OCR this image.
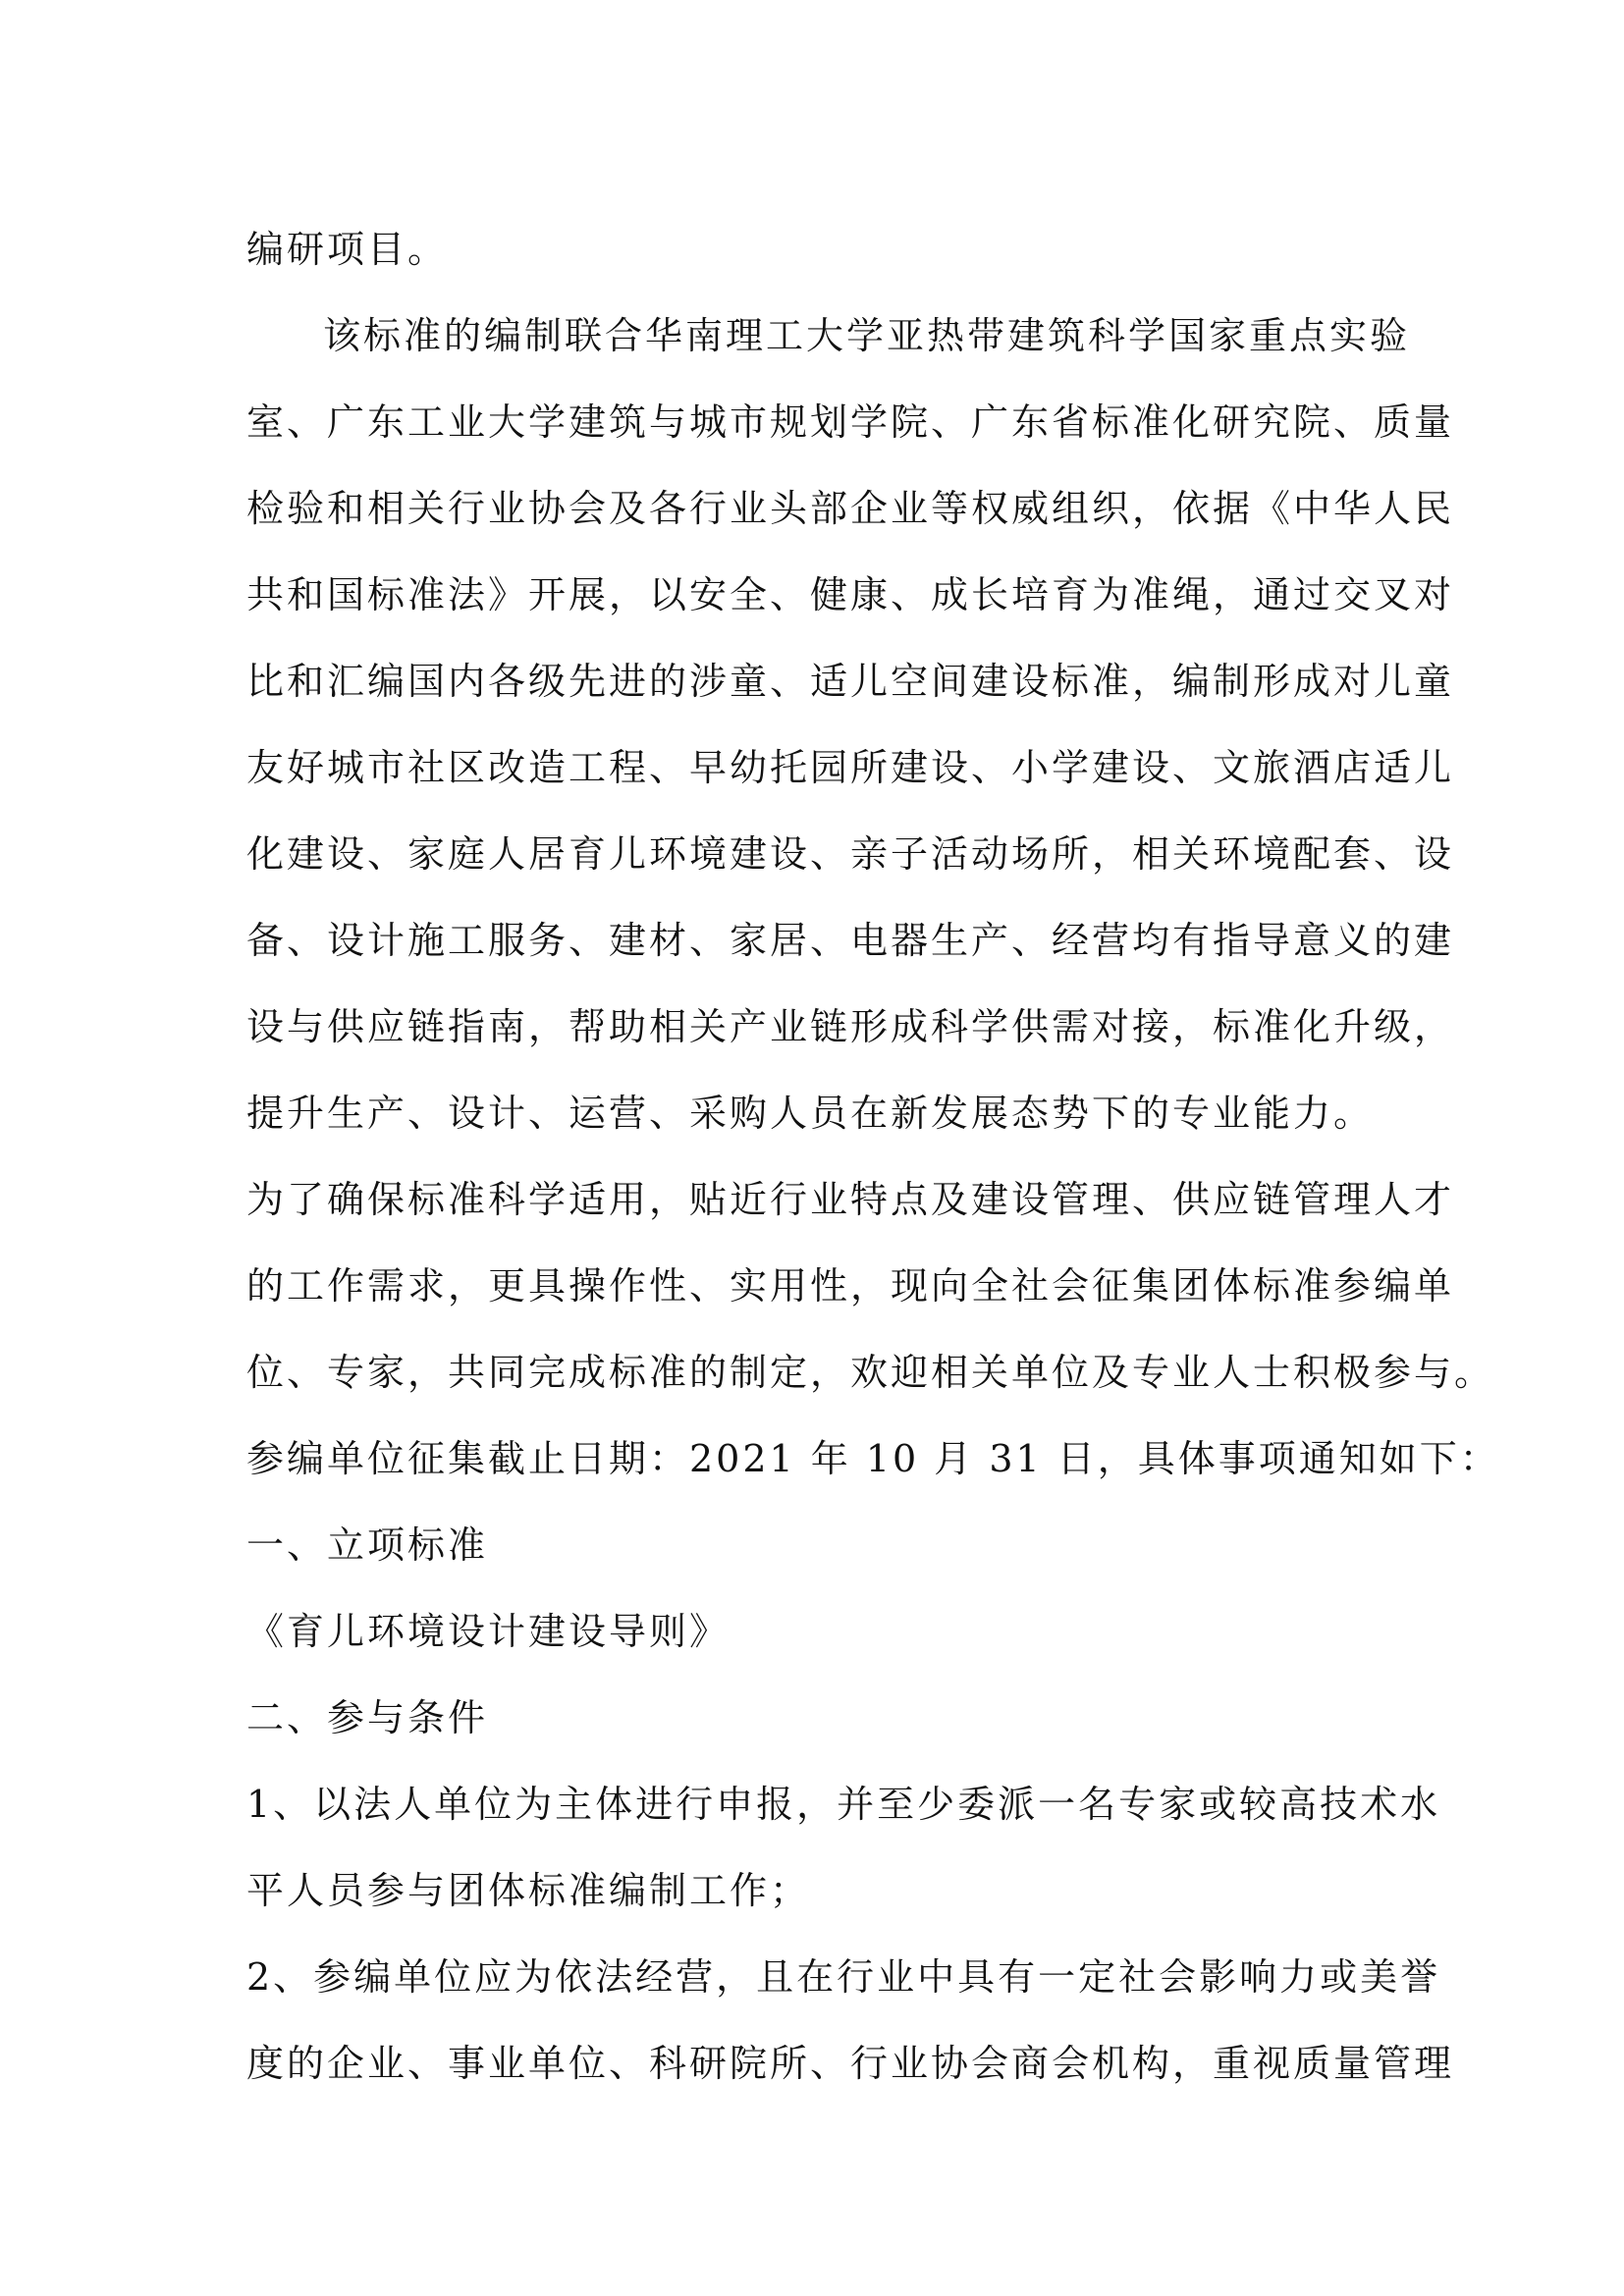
编研项目。
该标准的编制联合华南理工大学亚热带建筑科学国家重点实验
室、广东工业大学建筑与城市规划学院、广东省标准化研究院、质量
检验和相关行业协会及各行业头部企业等权威组织，依据《中华人民
共和国标准法》开展，以安全、健康、成长培育为准绳，通过交叉对
比和汇编国内各级先进的涉童、适儿空间建设标准，编制形成对儿童
友好城市社区改造工程、早幼托园所建设、小学建设、文旅酒店适儿
化建设、家庭人居育儿环境建设、亲子活动场所，相关环境配套、设
备、设计施工服务、建材、家居、电器生产、经营均有指导意义的建
设与供应链指南，帮助相关产业链形成科学供需对接，标准化升级，
提升生产、设计、运营、采购人员在新发展态势下的专业能力。
为了确保标准科学适用，贴近行业特点及建设管理、供应链管理人才
的工作需求，更具操作性、实用性，现向全社会征集团体标准参编单
位、专家，共同完成标准的制定，欢迎相关单位及专业人士积极参与。
参编单位征集截止日期：2021 年 10 月 31 日，具体事项通知如下：
一、立项标准
《育儿环境设计建设导则》
二、参与条件
1、以法人单位为主体进行申报，并至少委派一名专家或较高技术水
平人员参与团体标准编制工作；
2、参编单位应为依法经营，且在行业中具有一定社会影响力或美誉
度的企业、事业单位、科研院所、行业协会商会机构，重视质量管理
